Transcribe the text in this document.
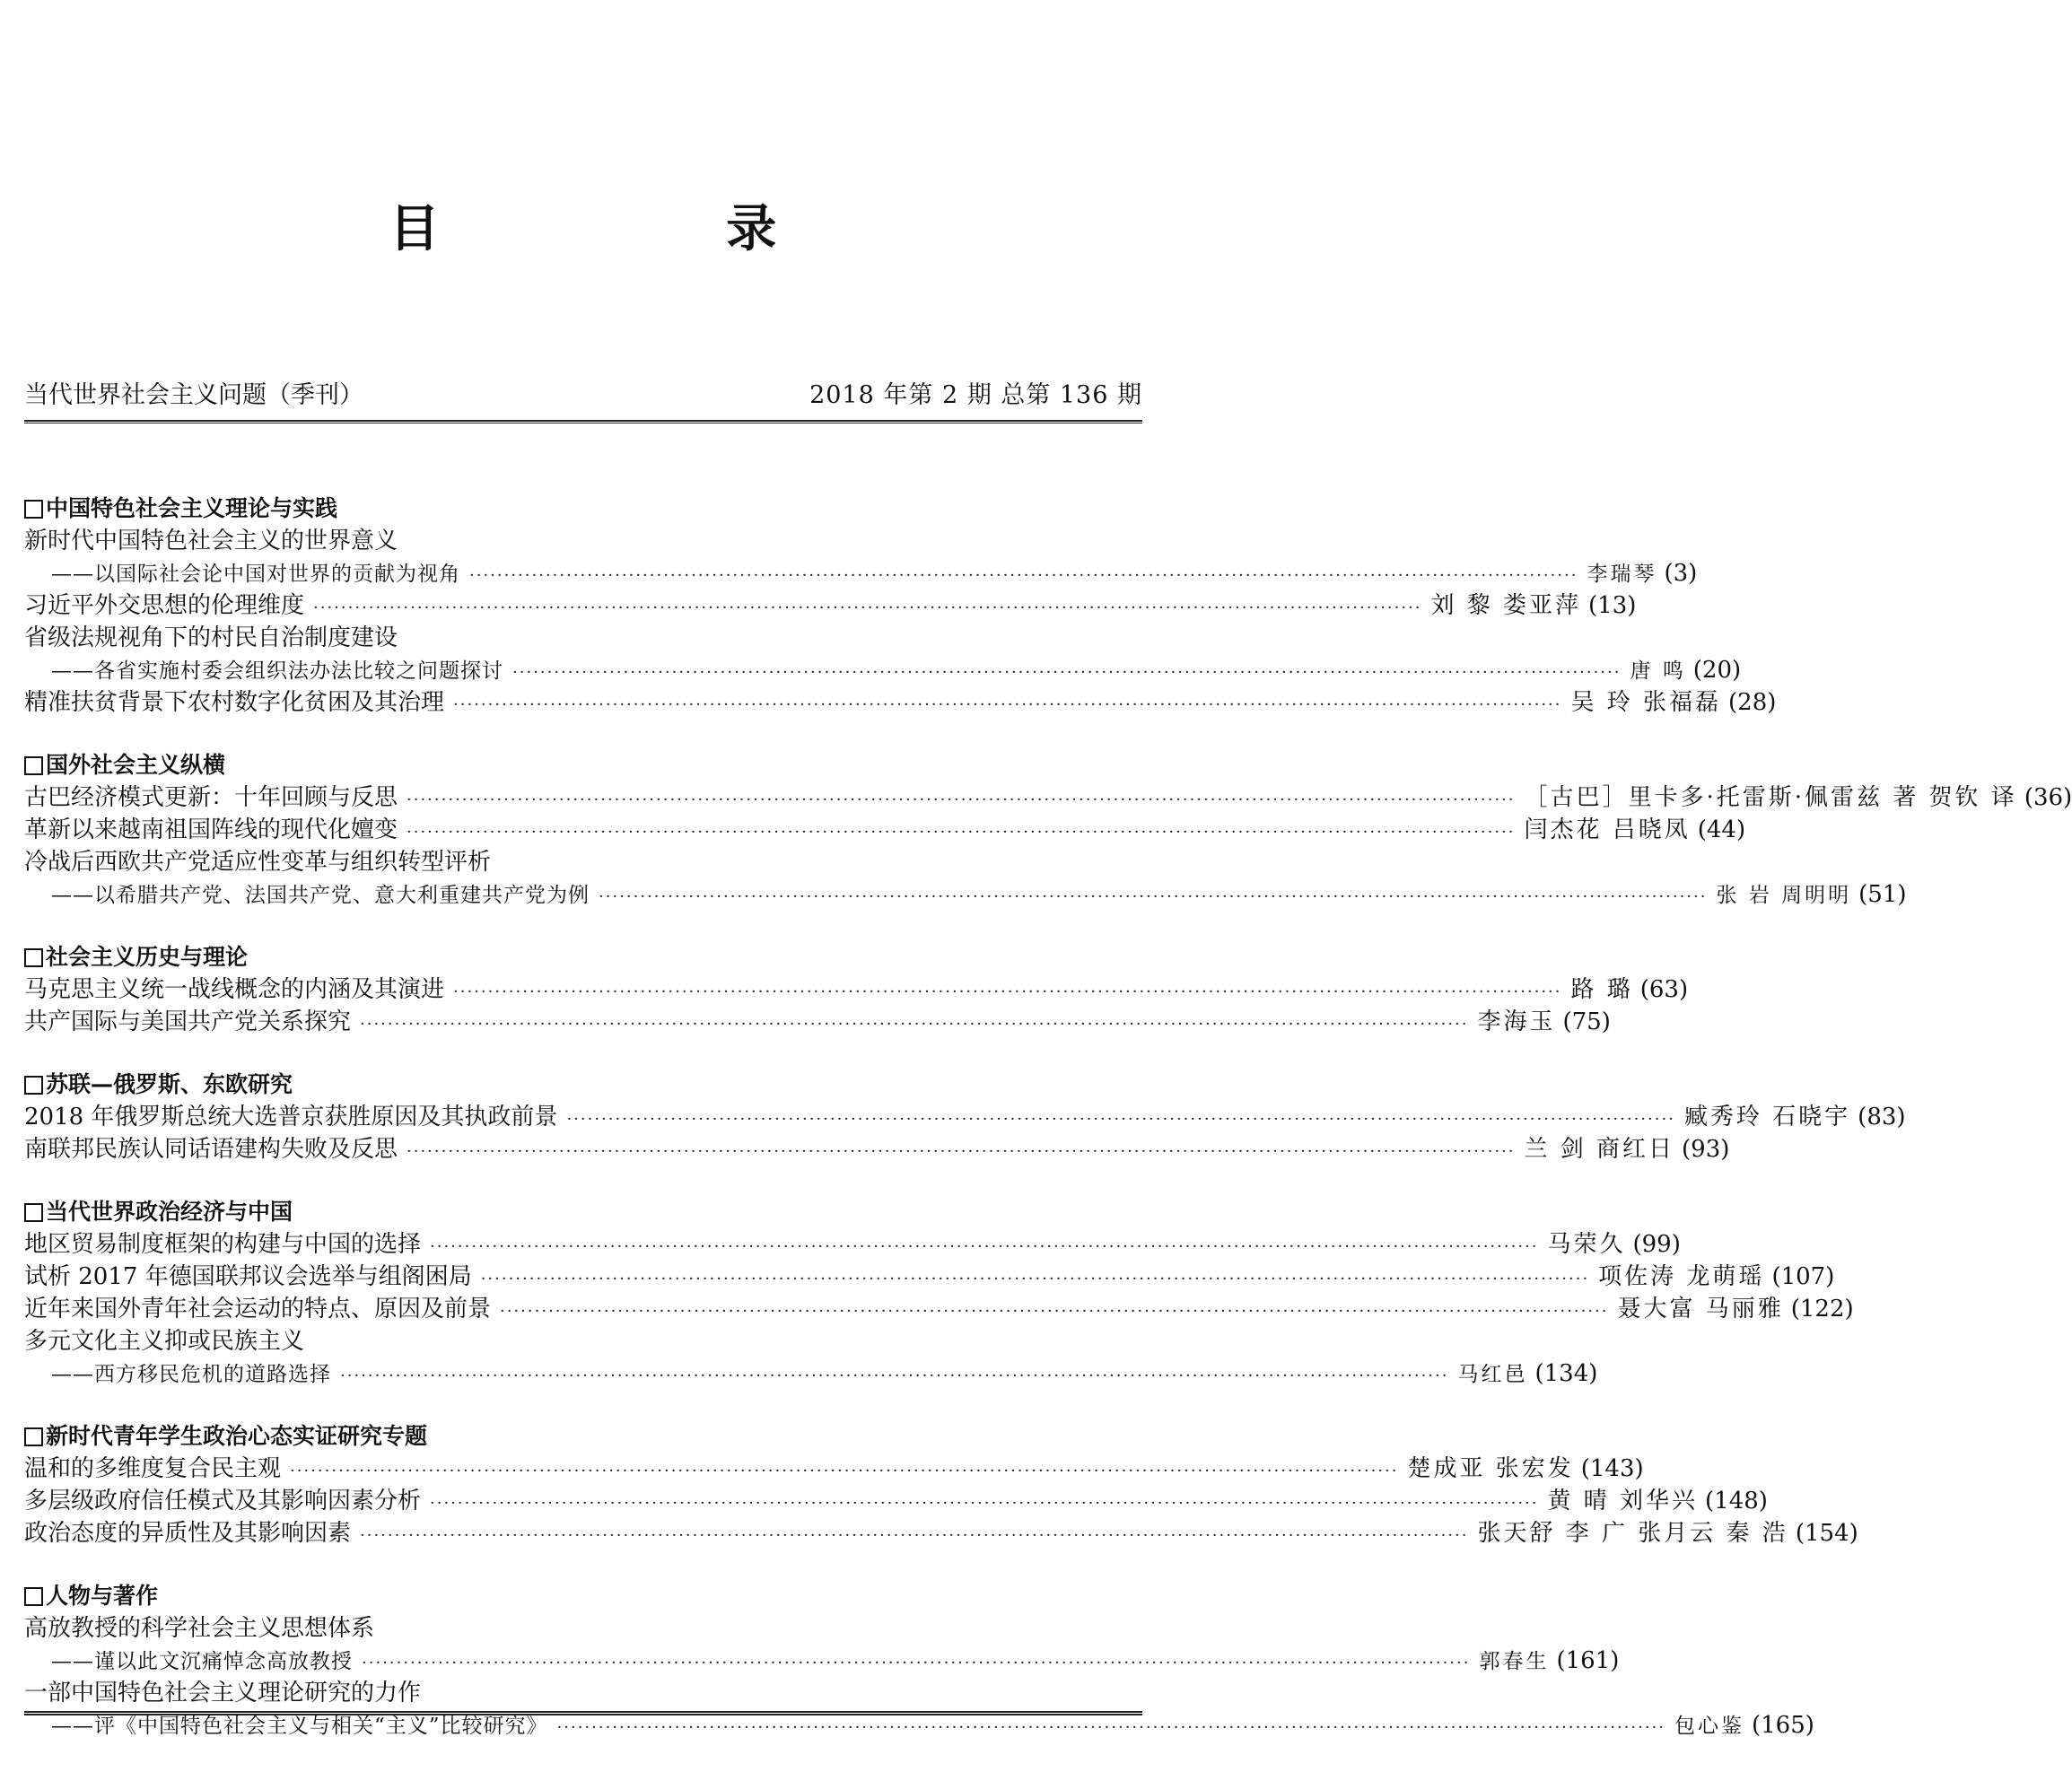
目 录
当代世界社会主义问题（季刊）	2018 年第 2 期 总第 136 期
中国特色社会主义理论与实践
新时代中国特色社会主义的世界意义
——以国际社会论中国对世界的贡献为视角 ································································································································································ 李瑞琴 (3)
习近平外交思想的伦理维度 ································································································································································ 刘 黎 娄亚萍 (13)
省级法规视角下的村民自治制度建设
——各省实施村委会组织法办法比较之问题探讨 ································································································································································ 唐 鸣 (20)
精准扶贫背景下农村数字化贫困及其治理 ································································································································································ 吴 玲 张福磊 (28)
国外社会主义纵横
古巴经济模式更新：十年回顾与反思 ································································································································································ ［古巴］里卡多·托雷斯·佩雷兹 著 贺钦 译 (36)
革新以来越南祖国阵线的现代化嬗变 ································································································································································ 闫杰花 吕晓凤 (44)
冷战后西欧共产党适应性变革与组织转型评析
——以希腊共产党、法国共产党、意大利重建共产党为例 ································································································································································ 张 岩 周明明 (51)
社会主义历史与理论
马克思主义统一战线概念的内涵及其演进 ································································································································································ 路 璐 (63)
共产国际与美国共产党关系探究 ································································································································································ 李海玉 (75)
苏联—俄罗斯、东欧研究
2018 年俄罗斯总统大选普京获胜原因及其执政前景 ································································································································································ 臧秀玲 石晓宇 (83)
南联邦民族认同话语建构失败及反思 ································································································································································ 兰 剑 商红日 (93)
当代世界政治经济与中国
地区贸易制度框架的构建与中国的选择 ································································································································································ 马荣久 (99)
试析 2017 年德国联邦议会选举与组阁困局 ································································································································································ 项佐涛 龙萌瑶 (107)
近年来国外青年社会运动的特点、原因及前景 ································································································································································ 聂大富 马丽雅 (122)
多元文化主义抑或民族主义
——西方移民危机的道路选择 ································································································································································ 马红邑 (134)
新时代青年学生政治心态实证研究专题
温和的多维度复合民主观 ································································································································································ 楚成亚 张宏发 (143)
多层级政府信任模式及其影响因素分析 ································································································································································ 黄 晴 刘华兴 (148)
政治态度的异质性及其影响因素 ································································································································································ 张天舒 李 广 张月云 秦 浩 (154)
人物与著作
高放教授的科学社会主义思想体系
——谨以此文沉痛悼念高放教授 ································································································································································ 郭春生 (161)
一部中国特色社会主义理论研究的力作
——评《中国特色社会主义与相关“主义”比较研究》 ································································································································································ 包心鉴 (165)
